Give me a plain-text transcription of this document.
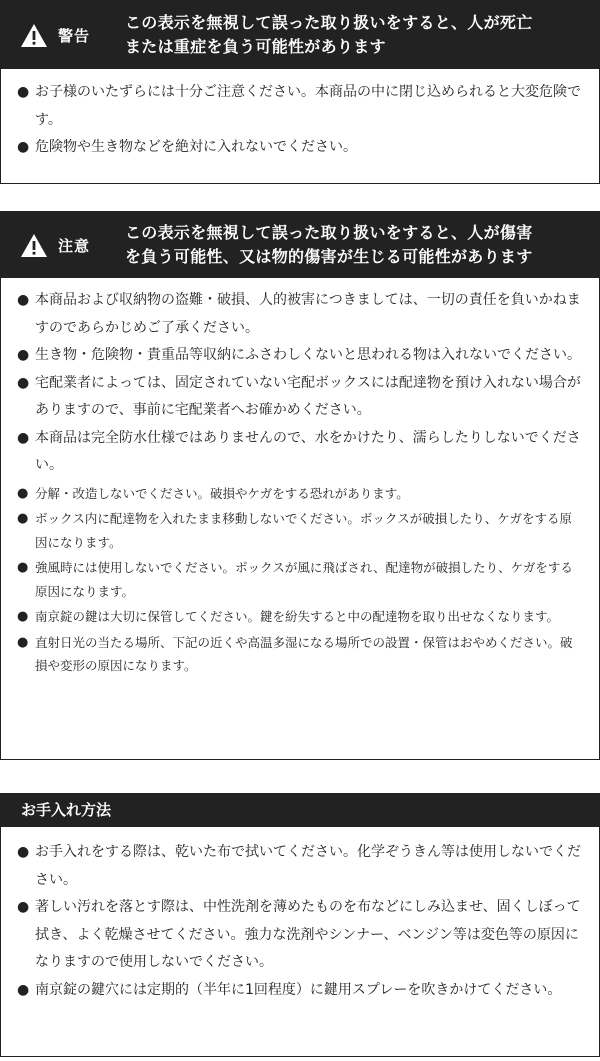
警告
この表示を無視して誤った取り扱いをすると、人が死亡
または重症を負う可能性があります

● お子様のいたずらには十分ご注意ください。本商品の中に閉じ込められると大変危険です。

● 危険物や生き物などを絶対に入れないでください。

注意
この表示を無視して誤った取り扱いをすると、人が傷害
を負う可能性、又は物的傷害が生じる可能性があります

● 本商品および収納物の盗難・破損、人的被害につきましては、一切の責任を負いかねますのであらかじめご了承ください。

● 生き物・危険物・貴重品等収納にふさわしくないと思われる物は入れないでください。

● 宅配業者によっては、固定されていない宅配ボックスには配達物を預け入れない場合がありますので、事前に宅配業者へお確かめください。

● 本商品は完全防水仕様ではありませんので、水をかけたり、濡らしたりしないでください。

● 分解・改造しないでください。破損やケガをする恐れがあります。

● ボックス内に配達物を入れたまま移動しないでください。ボックスが破損したり、ケガをする原因になります。

● 強風時には使用しないでください。ボックスが風に飛ばされ、配達物が破損したり、ケガをする原因になります。

● 南京錠の鍵は大切に保管してください。鍵を紛失すると中の配達物を取り出せなくなります。

● 直射日光の当たる場所、下記の近くや高温多湿になる場所での設置・保管はおやめください。破損や変形の原因になります。

お手入れ方法

● お手入れをする際は、乾いた布で拭いてください。化学ぞうきん等は使用しないでください。

● 著しい汚れを落とす際は、中性洗剤を薄めたものを布などにしみ込ませ、固くしぼって拭き、よく乾燥させてください。強力な洗剤やシンナー、ベンジン等は変色等の原因になりますので使用しないでください。

● 南京錠の鍵穴には定期的（半年に1回程度）に鍵用スプレーを吹きかけてください。
